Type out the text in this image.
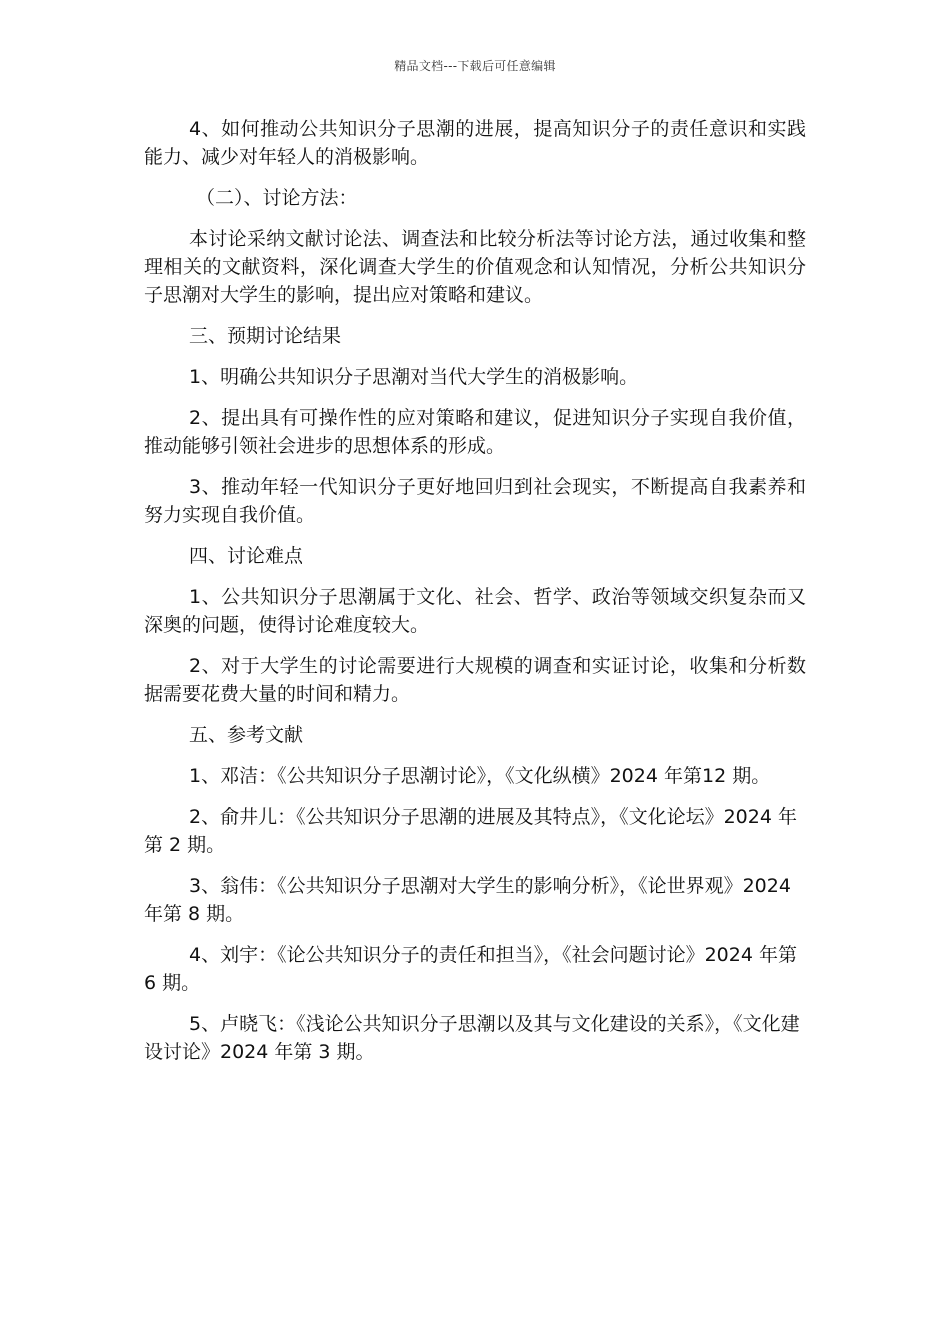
精品文档---下载后可任意编辑

4、如何推动公共知识分子思潮的进展，提高知识分子的责任意识和实践能力、减少对年轻人的消极影响。

（二）、讨论方法：

本讨论采纳文献讨论法、调查法和比较分析法等讨论方法，通过收集和整理相关的文献资料，深化调查大学生的价值观念和认知情况，分析公共知识分子思潮对大学生的影响，提出应对策略和建议。

三、预期讨论结果

1、明确公共知识分子思潮对当代大学生的消极影响。

2、提出具有可操作性的应对策略和建议，促进知识分子实现自我价值，推动能够引领社会进步的思想体系的形成。

3、推动年轻一代知识分子更好地回归到社会现实，不断提高自我素养和努力实现自我价值。

四、讨论难点

1、公共知识分子思潮属于文化、社会、哲学、政治等领域交织复杂而又深奥的问题，使得讨论难度较大。

2、对于大学生的讨论需要进行大规模的调查和实证讨论，收集和分析数据需要花费大量的时间和精力。

五、参考文献

1、邓洁：《公共知识分子思潮讨论》，《文化纵横》2024 年第12 期。

2、俞井儿：《公共知识分子思潮的进展及其特点》，《文化论坛》2024 年第 2 期。

3、翁伟：《公共知识分子思潮对大学生的影响分析》，《论世界观》2024 年第 8 期。

4、刘宇：《论公共知识分子的责任和担当》，《社会问题讨论》2024 年第 6 期。

5、卢晓飞：《浅论公共知识分子思潮以及其与文化建设的关系》，《文化建设讨论》2024 年第 3 期。
